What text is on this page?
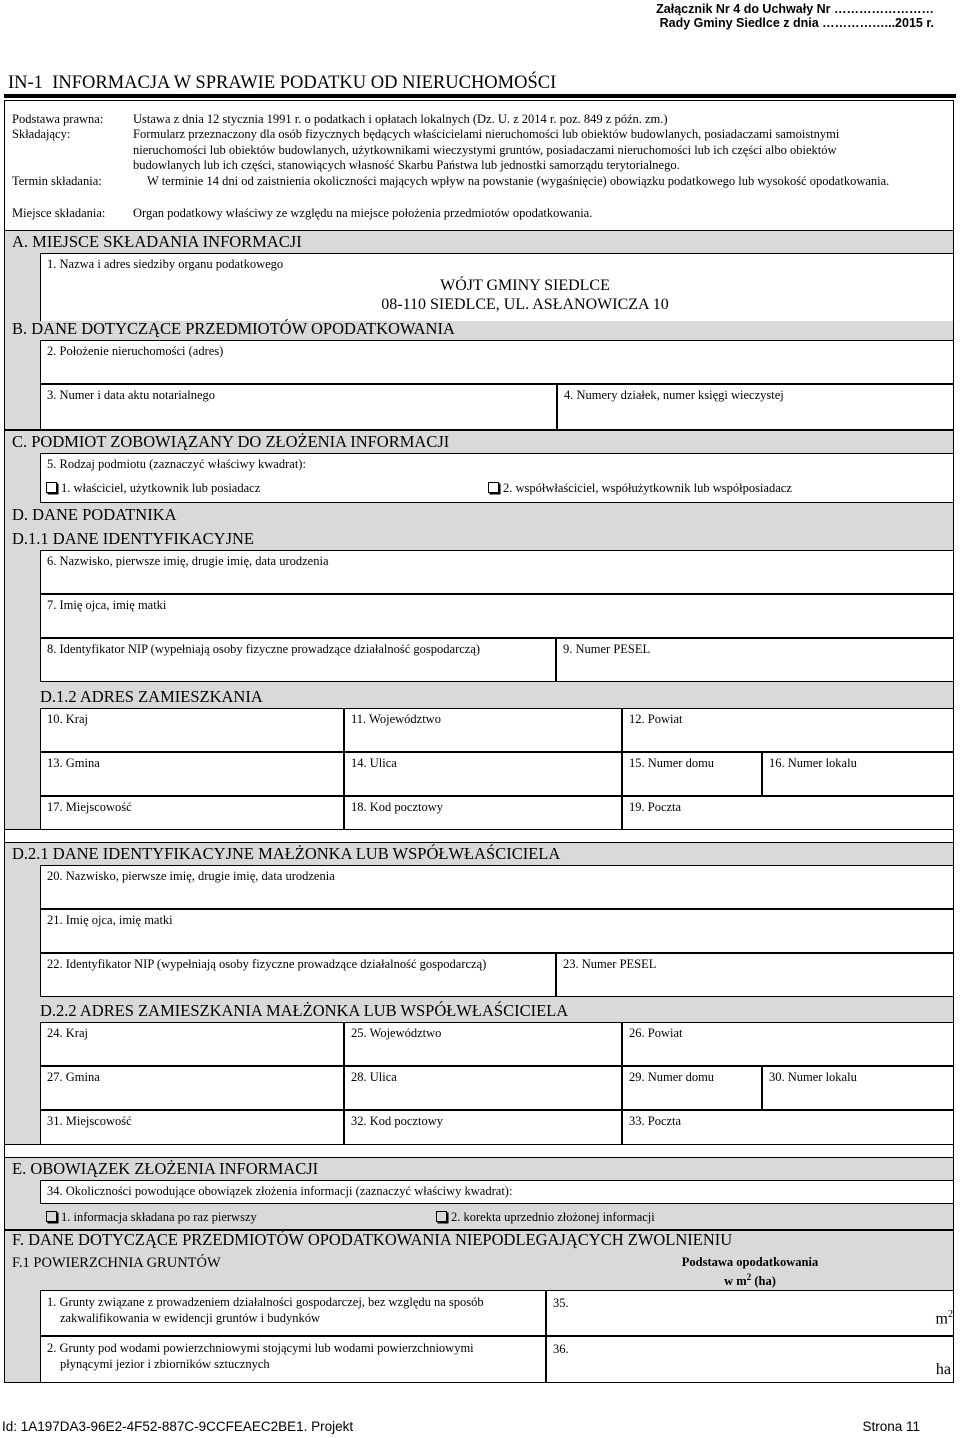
Załącznik Nr 4 do Uchwały Nr ……………………
Rady Gminy Siedlce z dnia ……………...2015 r.
IN-1 INFORMACJA W SPRAWIE PODATKU OD NIERUCHOMOŚCI
Podstawa prawna: Ustawa z dnia 12 stycznia 1991 r. o podatkach i opłatach lokalnych (Dz. U. z 2014 r. poz. 849 z późn. zm.)
Składający:	Formularz przeznaczony dla osób fizycznych będących właścicielami nieruchomości lub obiektów budowlanych, posiadaczami samoistnymi nieruchomości lub obiektów budowlanych, użytkownikami wieczystymi gruntów, posiadaczami nieruchomości lub ich części albo obiektów budowlanych lub ich części, stanowiących własność Skarbu Państwa lub jednostki samorządu terytorialnego.
Termin składania:	W terminie 14 dni od zaistnienia okoliczności mających wpływ na powstanie (wygaśnięcie) obowiązku podatkowego lub wysokość opodatkowania.
Miejsce składania: Organ podatkowy właściwy ze względu na miejsce położenia przedmiotów opodatkowania.
A. MIEJSCE SKŁADANIA INFORMACJI
1. Nazwa i adres siedziby organu podatkowego
WÓJT GMINY SIEDLCE
08-110 SIEDLCE, UL. ASŁANOWICZA 10
B. DANE DOTYCZĄCE PRZEDMIOTÓW OPODATKOWANIA
2. Położenie nieruchomości (adres)
3. Numer i data aktu notarialnego	4. Numery działek, numer księgi wieczystej
C. PODMIOT ZOBOWIĄZANY DO ZŁOŻENIA INFORMACJI
5. Rodzaj podmiotu (zaznaczyć właściwy kwadrat):
1. właściciel, użytkownik lub posiadacz	2. współwłaściciel, współużytkownik lub współposiadacz
D. DANE PODATNIKA
D.1.1 DANE IDENTYFIKACYJNE
6. Nazwisko, pierwsze imię, drugie imię, data urodzenia
7. Imię ojca, imię matki
8. Identyfikator NIP (wypełniają osoby fizyczne prowadzące działalność gospodarczą)	9. Numer PESEL
D.1.2 ADRES ZAMIESZKANIA
10. Kraj	11. Województwo	12. Powiat
13. Gmina	14. Ulica	15. Numer domu	16. Numer lokalu
17. Miejscowość	18. Kod pocztowy	19. Poczta
D.2.1 DANE IDENTYFIKACYJNE MAŁŻONKA LUB WSPÓŁWŁAŚCICIELA
20. Nazwisko, pierwsze imię, drugie imię, data urodzenia
21. Imię ojca, imię matki
22. Identyfikator NIP (wypełniają osoby fizyczne prowadzące działalność gospodarczą)	23. Numer PESEL
D.2.2 ADRES ZAMIESZKANIA MAŁŻONKA LUB WSPÓŁWŁAŚCICIELA
24. Kraj	25. Województwo	26. Powiat
27. Gmina	28. Ulica	29. Numer domu	30. Numer lokalu
31. Miejscowość	32. Kod pocztowy	33. Poczta
E. OBOWIĄZEK ZŁOŻENIA INFORMACJI
34. Okoliczności powodujące obowiązek złożenia informacji (zaznaczyć właściwy kwadrat):
1. informacja składana po raz pierwszy	2. korekta uprzednio złożonej informacji
F. DANE DOTYCZĄCE PRZEDMIOTÓW OPODATKOWANIA NIEPODLEGAJĄCYCH ZWOLNIENIU
F.1 POWIERZCHNIA GRUNTÓW	Podstawa opodatkowania
w $m^2$ (ha)
1. Grunty związane z prowadzeniem działalności gospodarczej, bez względu na sposób
zakwalifikowania w ewidencji gruntów i budynków
35.
$m^2$
2. Grunty pod wodami powierzchniowymi stojącymi lub wodami powierzchniowymi
płynącymi jezior i zbiorników sztucznych
36.
ha
Id: 1A197DA3-96E2-4F52-887C-9CCFEAEC2BE1. Projekt	Strona 11
